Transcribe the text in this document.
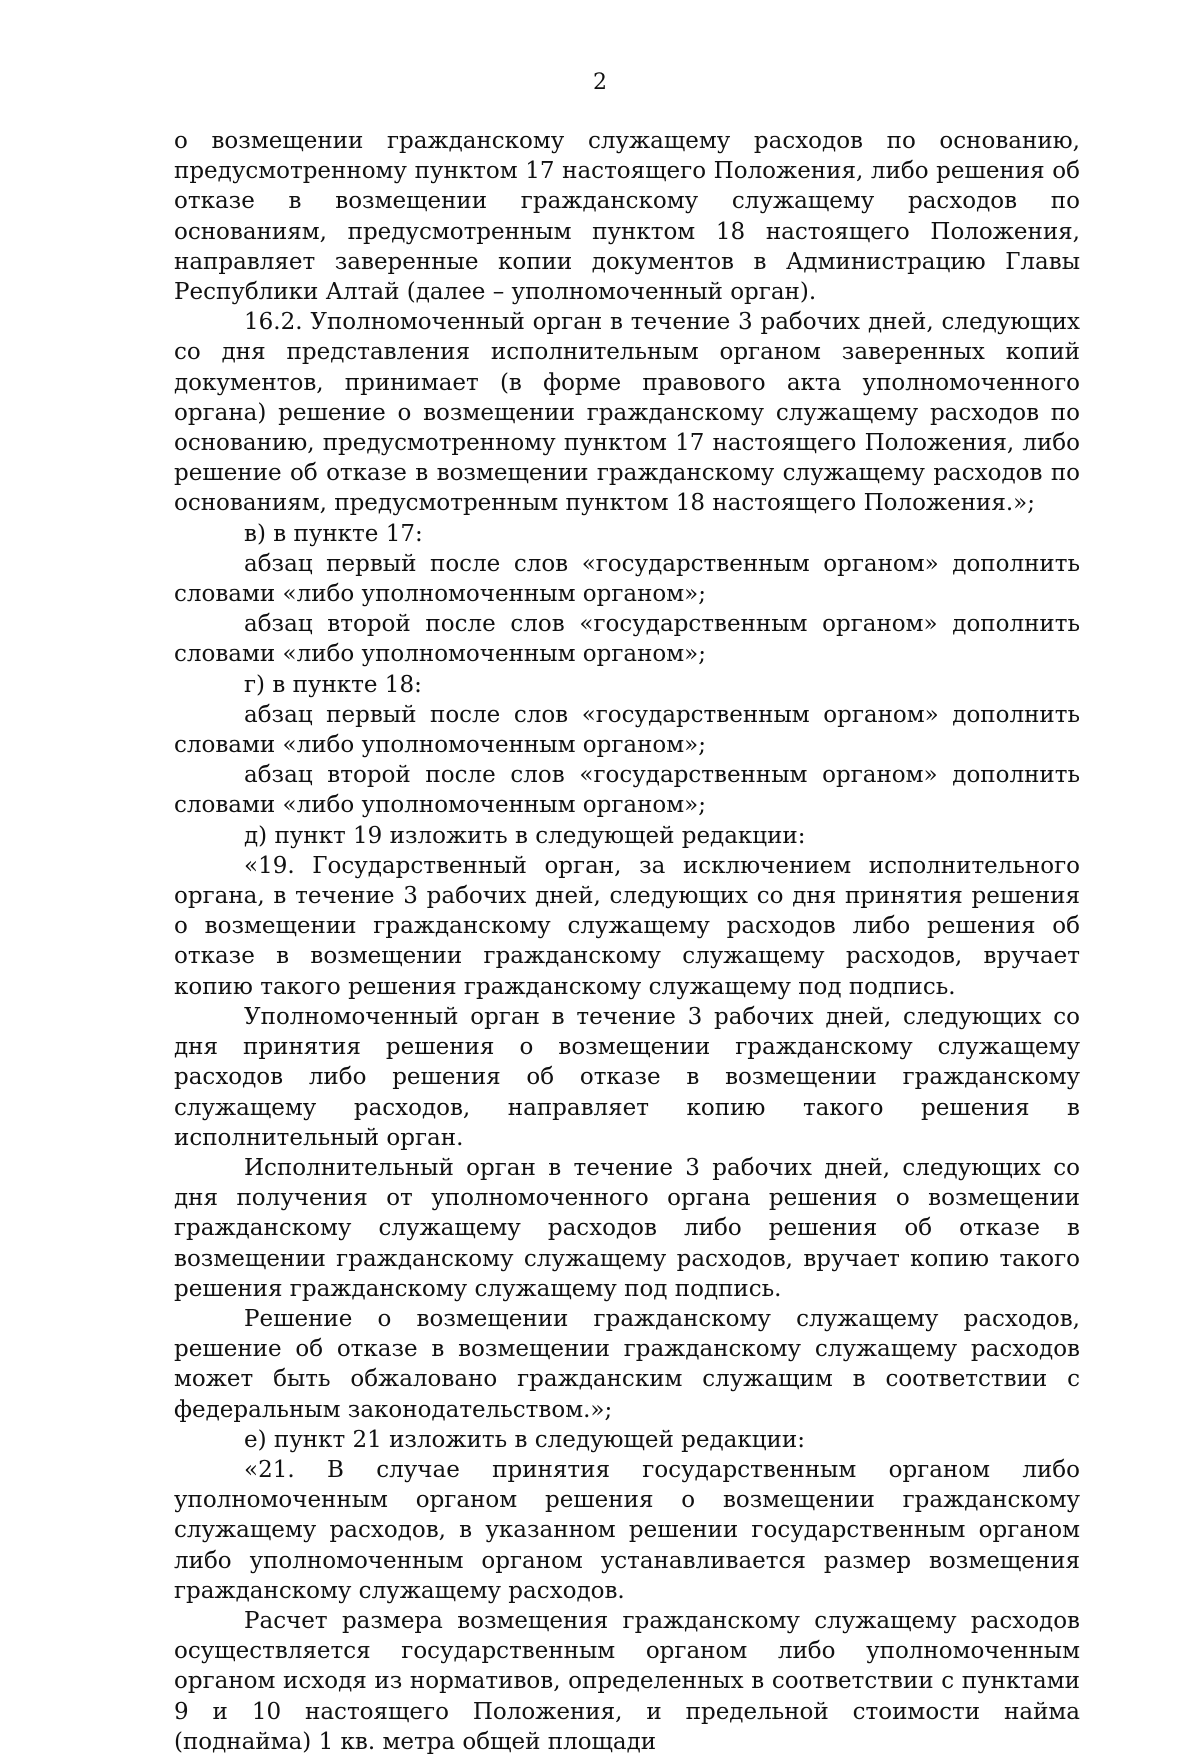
2

о возмещении гражданскому служащему расходов по основанию, предусмотренному пунктом 17 настоящего Положения, либо решения об отказе в возмещении гражданскому служащему расходов по основаниям, предусмотренным пунктом 18 настоящего Положения, направляет заверенные копии документов в Администрацию Главы Республики Алтай (далее – уполномоченный орган).

16.2. Уполномоченный орган в течение 3 рабочих дней, следующих со дня представления исполнительным органом заверенных копий документов, принимает (в форме правового акта уполномоченного органа) решение о возмещении гражданскому служащему расходов по основанию, предусмотренному пунктом 17 настоящего Положения, либо решение об отказе в возмещении гражданскому служащему расходов по основаниям, предусмотренным пунктом 18 настоящего Положения.»;

в) в пункте 17:

абзац первый после слов «государственным органом» дополнить словами «либо уполномоченным органом»;

абзац второй после слов «государственным органом» дополнить словами «либо уполномоченным органом»;

г) в пункте 18:

абзац первый после слов «государственным органом» дополнить словами «либо уполномоченным органом»;

абзац второй после слов «государственным органом» дополнить словами «либо уполномоченным органом»;

д) пункт 19 изложить в следующей редакции:

«19. Государственный орган, за исключением исполнительного органа, в течение 3 рабочих дней, следующих со дня принятия решения о возмещении гражданскому служащему расходов либо решения об отказе в возмещении гражданскому служащему расходов, вручает копию такого решения гражданскому служащему под подпись.

Уполномоченный орган в течение 3 рабочих дней, следующих со дня принятия решения о возмещении гражданскому служащему расходов либо решения об отказе в возмещении гражданскому служащему расходов, направляет копию такого решения в исполнительный орган.

Исполнительный орган в течение 3 рабочих дней, следующих со дня получения от уполномоченного органа решения о возмещении гражданскому служащему расходов либо решения об отказе в возмещении гражданскому служащему расходов, вручает копию такого решения гражданскому служащему под подпись.

Решение о возмещении гражданскому служащему расходов, решение об отказе в возмещении гражданскому служащему расходов может быть обжаловано гражданским служащим в соответствии с федеральным законодательством.»;

е) пункт 21 изложить в следующей редакции:

«21. В случае принятия государственным органом либо уполномоченным органом решения о возмещении гражданскому служащему расходов, в указанном решении государственным органом либо уполномоченным органом устанавливается размер возмещения гражданскому служащему расходов.

Расчет размера возмещения гражданскому служащему расходов осуществляется государственным органом либо уполномоченным органом исходя из нормативов, определенных в соответствии с пунктами 9 и 10 настоящего Положения, и предельной стоимости найма (поднайма) 1 кв. метра общей площади
